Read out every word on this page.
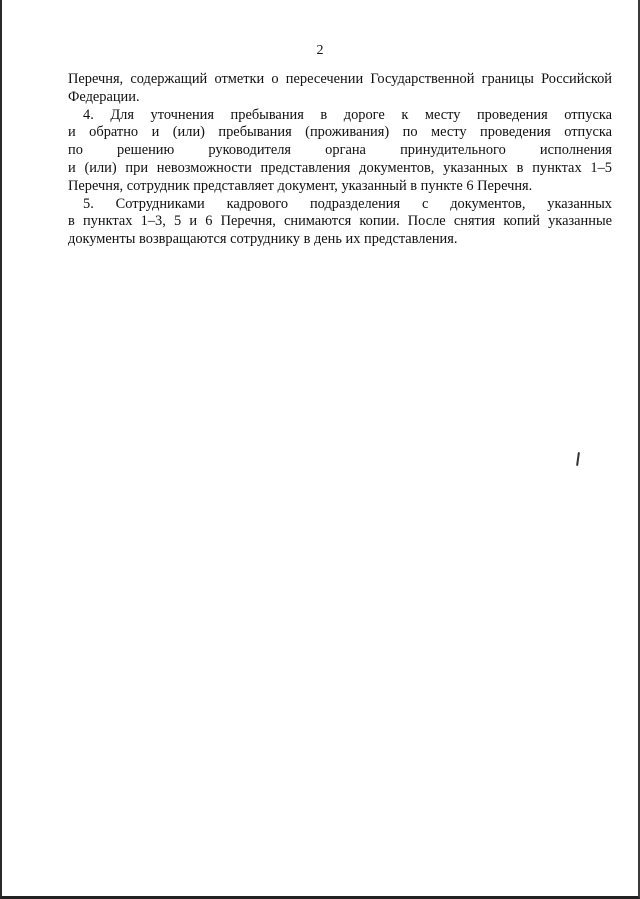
2
Перечня, содержащий отметки о пересечении Государственной границы Российской
Федерации.
4. Для уточнения пребывания в дороге к месту проведения отпуска
и обратно и (или) пребывания (проживания) по месту проведения отпуска
по решению руководителя органа принудительного исполнения
и (или) при невозможности представления документов, указанных в пунктах 1–5
Перечня, сотрудник представляет документ, указанный в пункте 6 Перечня.
5. Сотрудниками кадрового подразделения с документов, указанных
в пунктах 1–3, 5 и 6 Перечня, снимаются копии. После снятия копий указанные
документы возвращаются сотруднику в день их представления.
